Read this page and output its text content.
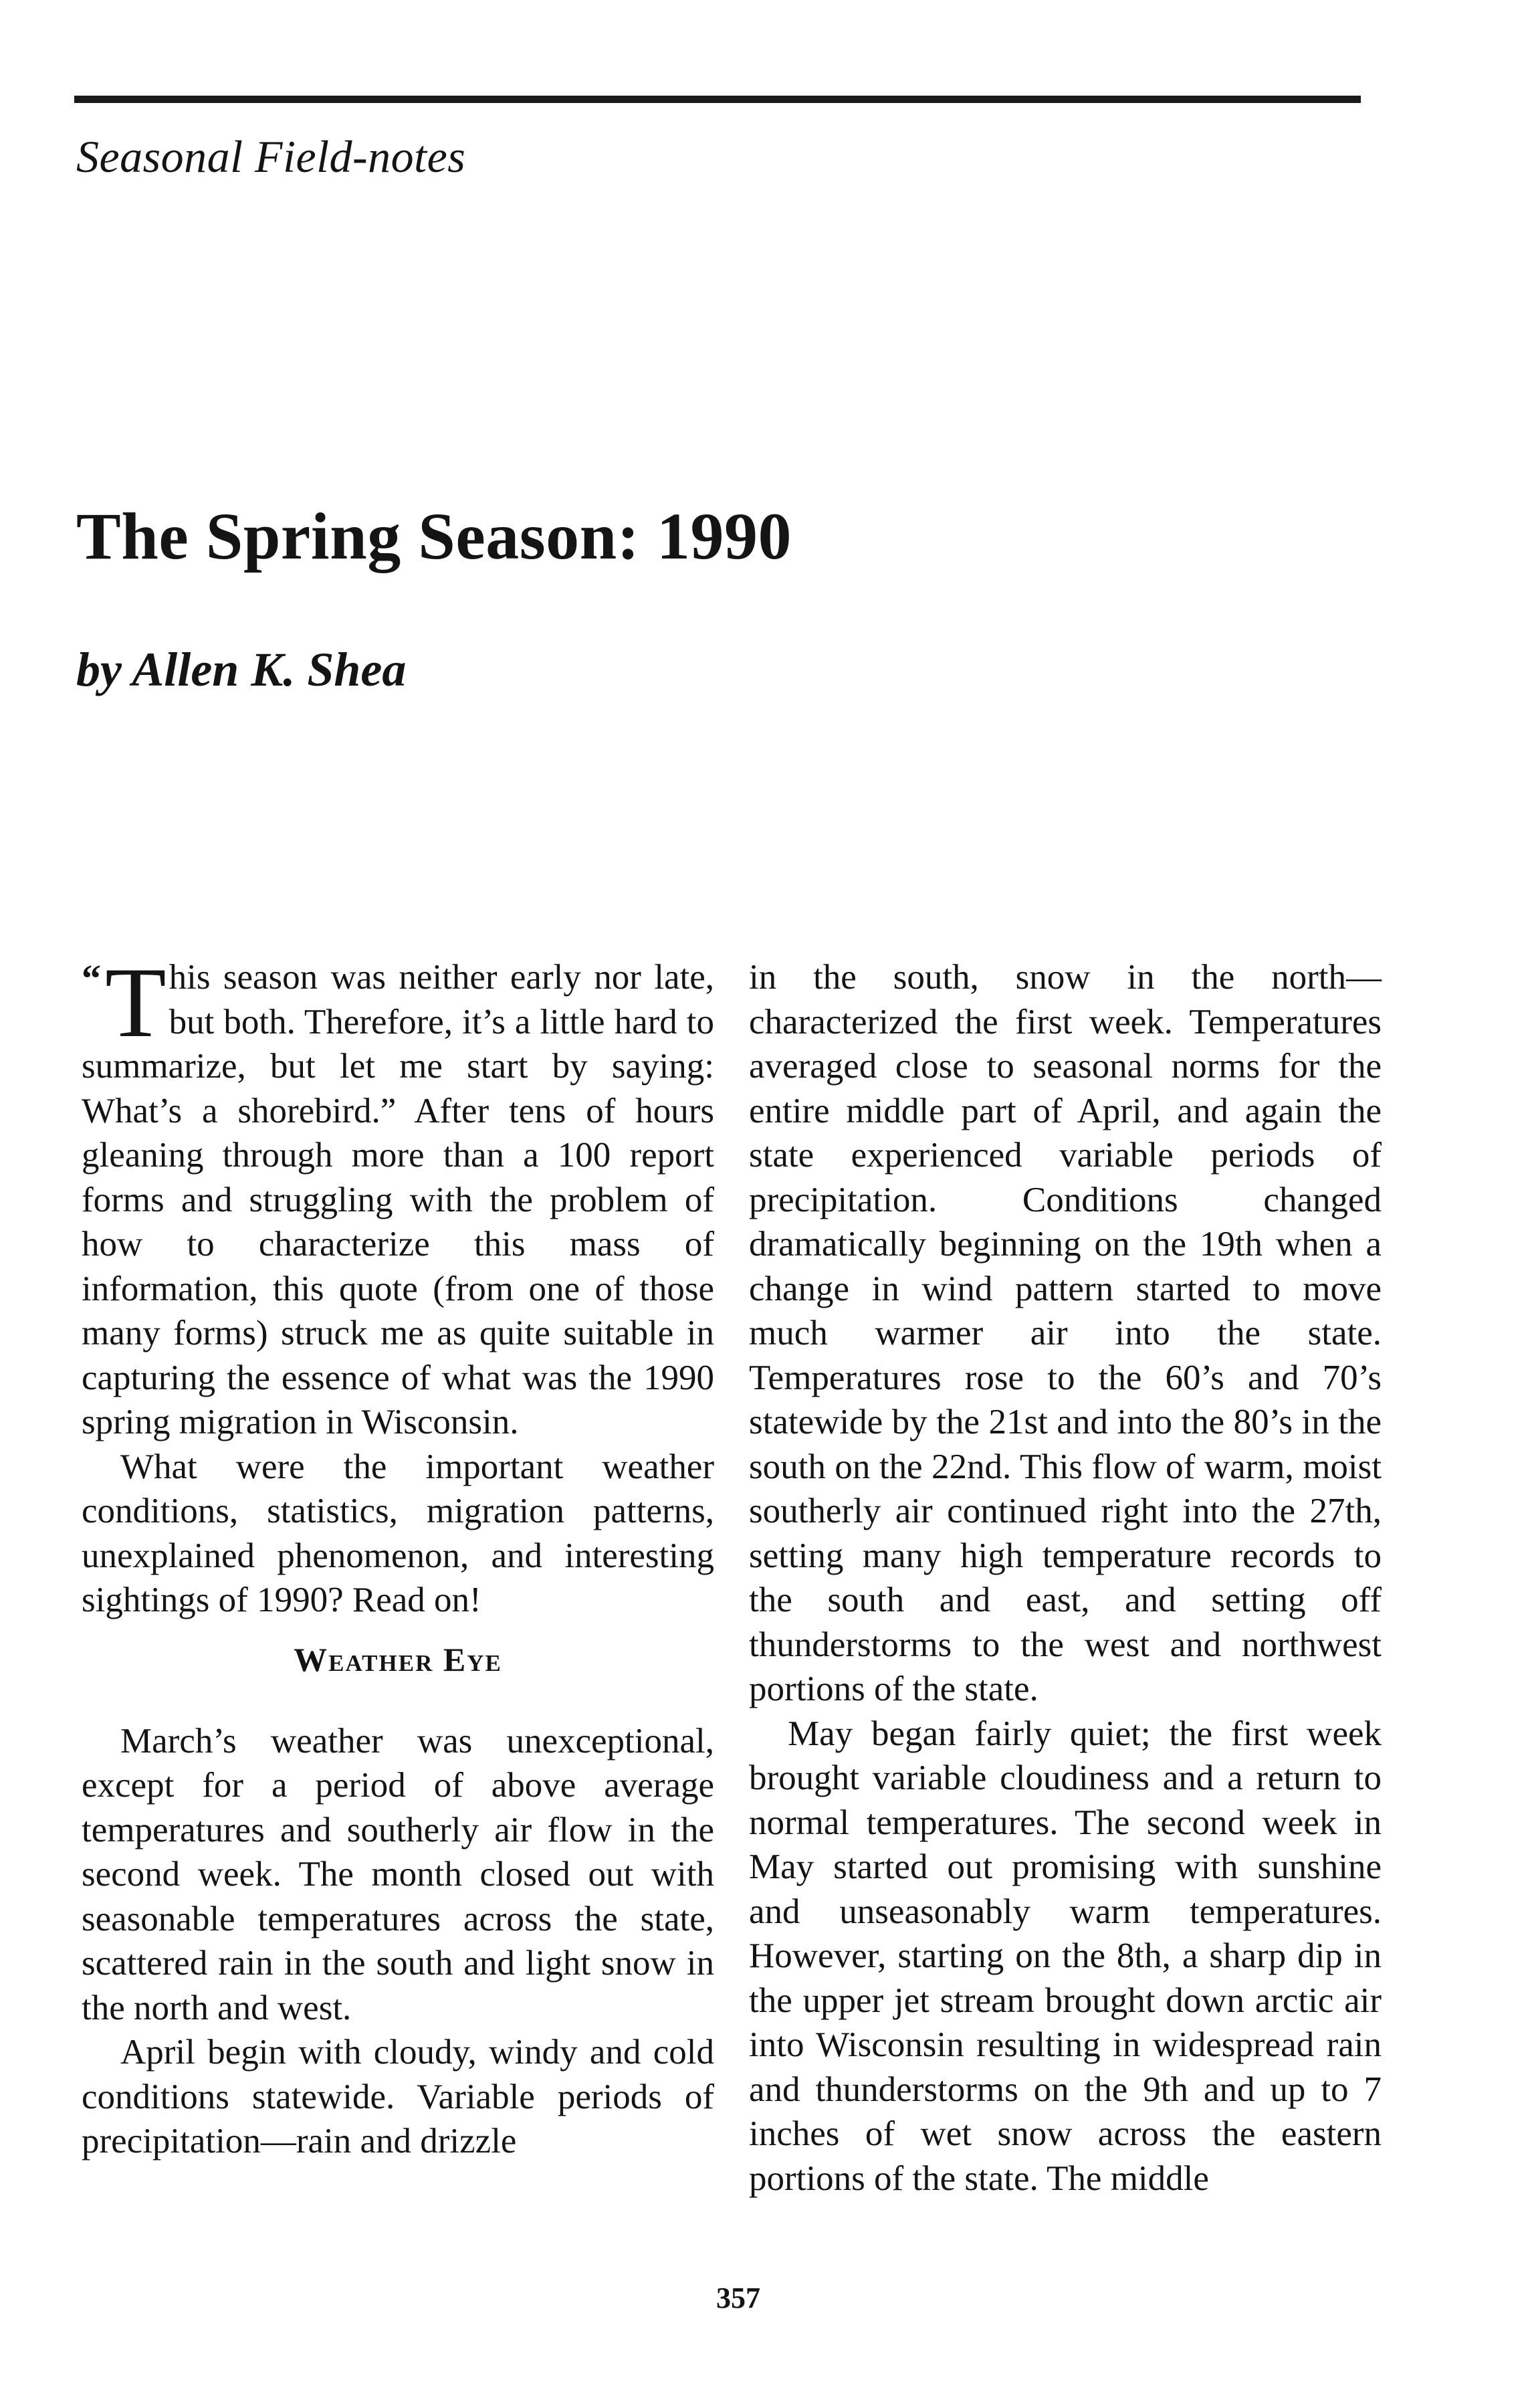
Seasonal Field-notes
The Spring Season: 1990
by Allen K. Shea

“ T his season was neither early nor late, but both. Therefore, it’s a little hard to summarize, but let me start by saying: What’s a shorebird.” After tens of hours gleaning through more than a 100 report forms and struggling with the problem of how to characterize this mass of information, this quote (from one of those many forms) struck me as quite suitable in capturing the essence of what was the 1990 spring migration in Wisconsin.

What were the important weather conditions, statistics, migration patterns, unexplained phenomenon, and interesting sightings of 1990? Read on!

Weather Eye

March’s weather was unexceptional, except for a period of above average temperatures and southerly air flow in the second week. The month closed out with seasonable temperatures across the state, scattered rain in the south and light snow in the north and west.

April begin with cloudy, windy and cold conditions statewide. Variable periods of precipitation—rain and drizzle

in the south, snow in the north—characterized the first week. Temperatures averaged close to seasonal norms for the entire middle part of April, and again the state experienced variable periods of precipitation. Conditions changed dramatically beginning on the 19th when a change in wind pattern started to move much warmer air into the state. Temperatures rose to the 60’s and 70’s statewide by the 21st and into the 80’s in the south on the 22nd. This flow of warm, moist southerly air continued right into the 27th, setting many high temperature records to the south and east, and setting off thunderstorms to the west and northwest portions of the state.

May began fairly quiet; the first week brought variable cloudiness and a return to normal temperatures. The second week in May started out promising with sunshine and unseasonably warm temperatures. However, starting on the 8th, a sharp dip in the upper jet stream brought down arctic air into Wisconsin resulting in widespread rain and thunderstorms on the 9th and up to 7 inches of wet snow across the eastern portions of the state. The middle

357
